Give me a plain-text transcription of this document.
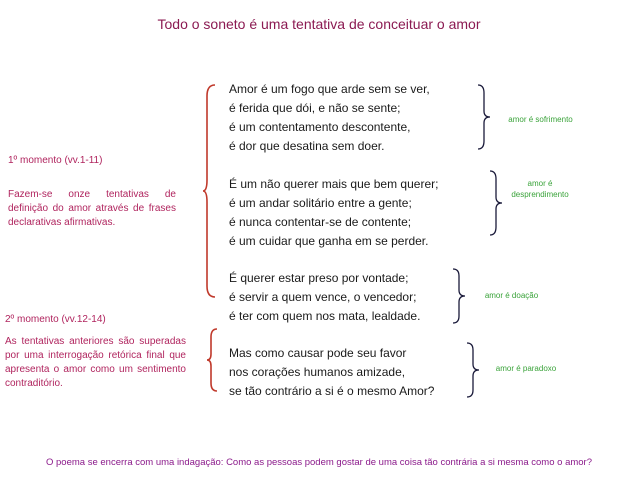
Todo o soneto é uma tentativa de conceituar o amor
Amor é um fogo que arde sem se ver,
é ferida que dói, e não se sente;
é um contentamento descontente,
é dor que desatina sem doer.
É um não querer mais que bem querer;
é um andar solitário entre a gente;
é nunca contentar-se de contente;
é um cuidar que ganha em se perder.
É querer estar preso por vontade;
é servir a quem vence, o vencedor;
é ter com quem nos mata, lealdade.
Mas como causar pode seu favor
nos corações humanos amizade,
se tão contrário a si é o mesmo Amor?
amor é sofrimento
amor é
desprendimento
amor é doação
amor é paradoxo
1º momento (vv.1-11)
Fazem-se onze tentativas de definição do amor através de frases declarativas afirmativas.
2º momento (vv.12-14)
As tentativas anteriores são superadas por uma interrogação retórica final que apresenta o amor como um sentimento contraditório.
O poema se encerra com uma indagação: Como as pessoas podem gostar de uma coisa tão contrária a si mesma como o amor?
